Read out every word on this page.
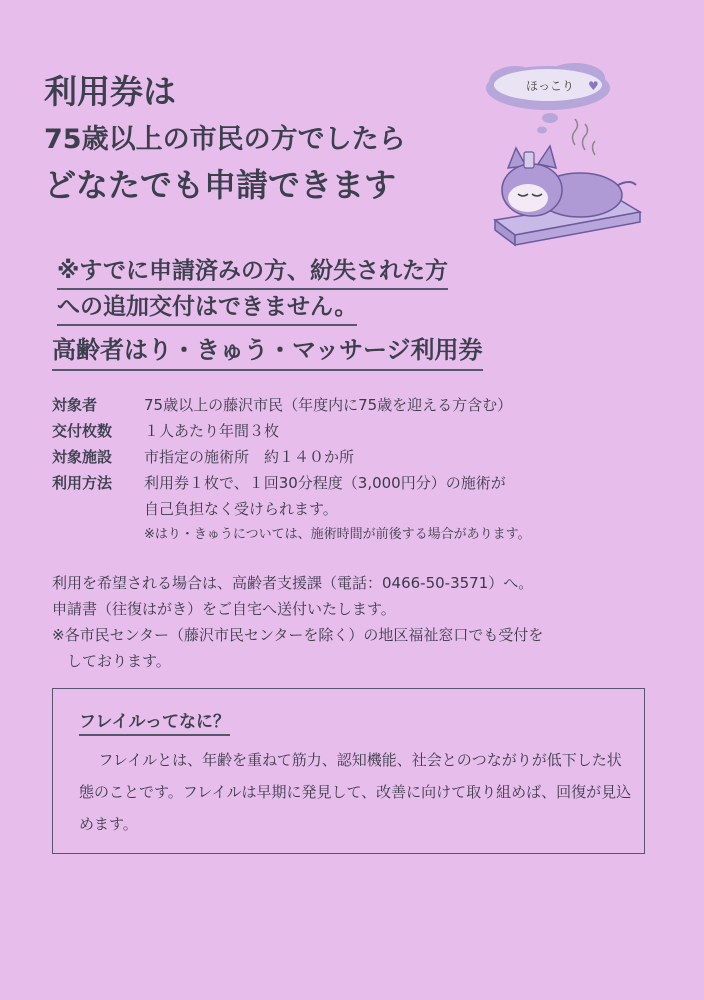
利用券は
75歳以上の市民の方でしたら
どなたでも申請できます
ほっこり ♥
※すでに申請済みの方、紛失された方
への追加交付はできません。
高齢者はり・きゅう・マッサージ利用券
対象者	75歳以上の藤沢市民（年度内に75歳を迎える方含む）
交付枚数	１人あたり年間３枚
対象施設	市指定の施術所　約１４０か所
利用方法	利用券１枚で、１回30分程度（3,000円分）の施術が
自己負担なく受けられます。
※はり・きゅうについては、施術時間が前後する場合があります。

利用を希望される場合は、高齢者支援課（電話：0466-50-3571）へ。

申請書（往復はがき）をご自宅へ送付いたします。

※各市民センター（藤沢市民センターを除く）の地区福祉窓口でも受付を

　しております。

フレイルってなに？
フレイルとは、年齢を重ねて筋力、認知機能、社会とのつながりが低下した状態のことです。フレイルは早期に発見して、改善に向けて取り組めば、回復が見込めます。
